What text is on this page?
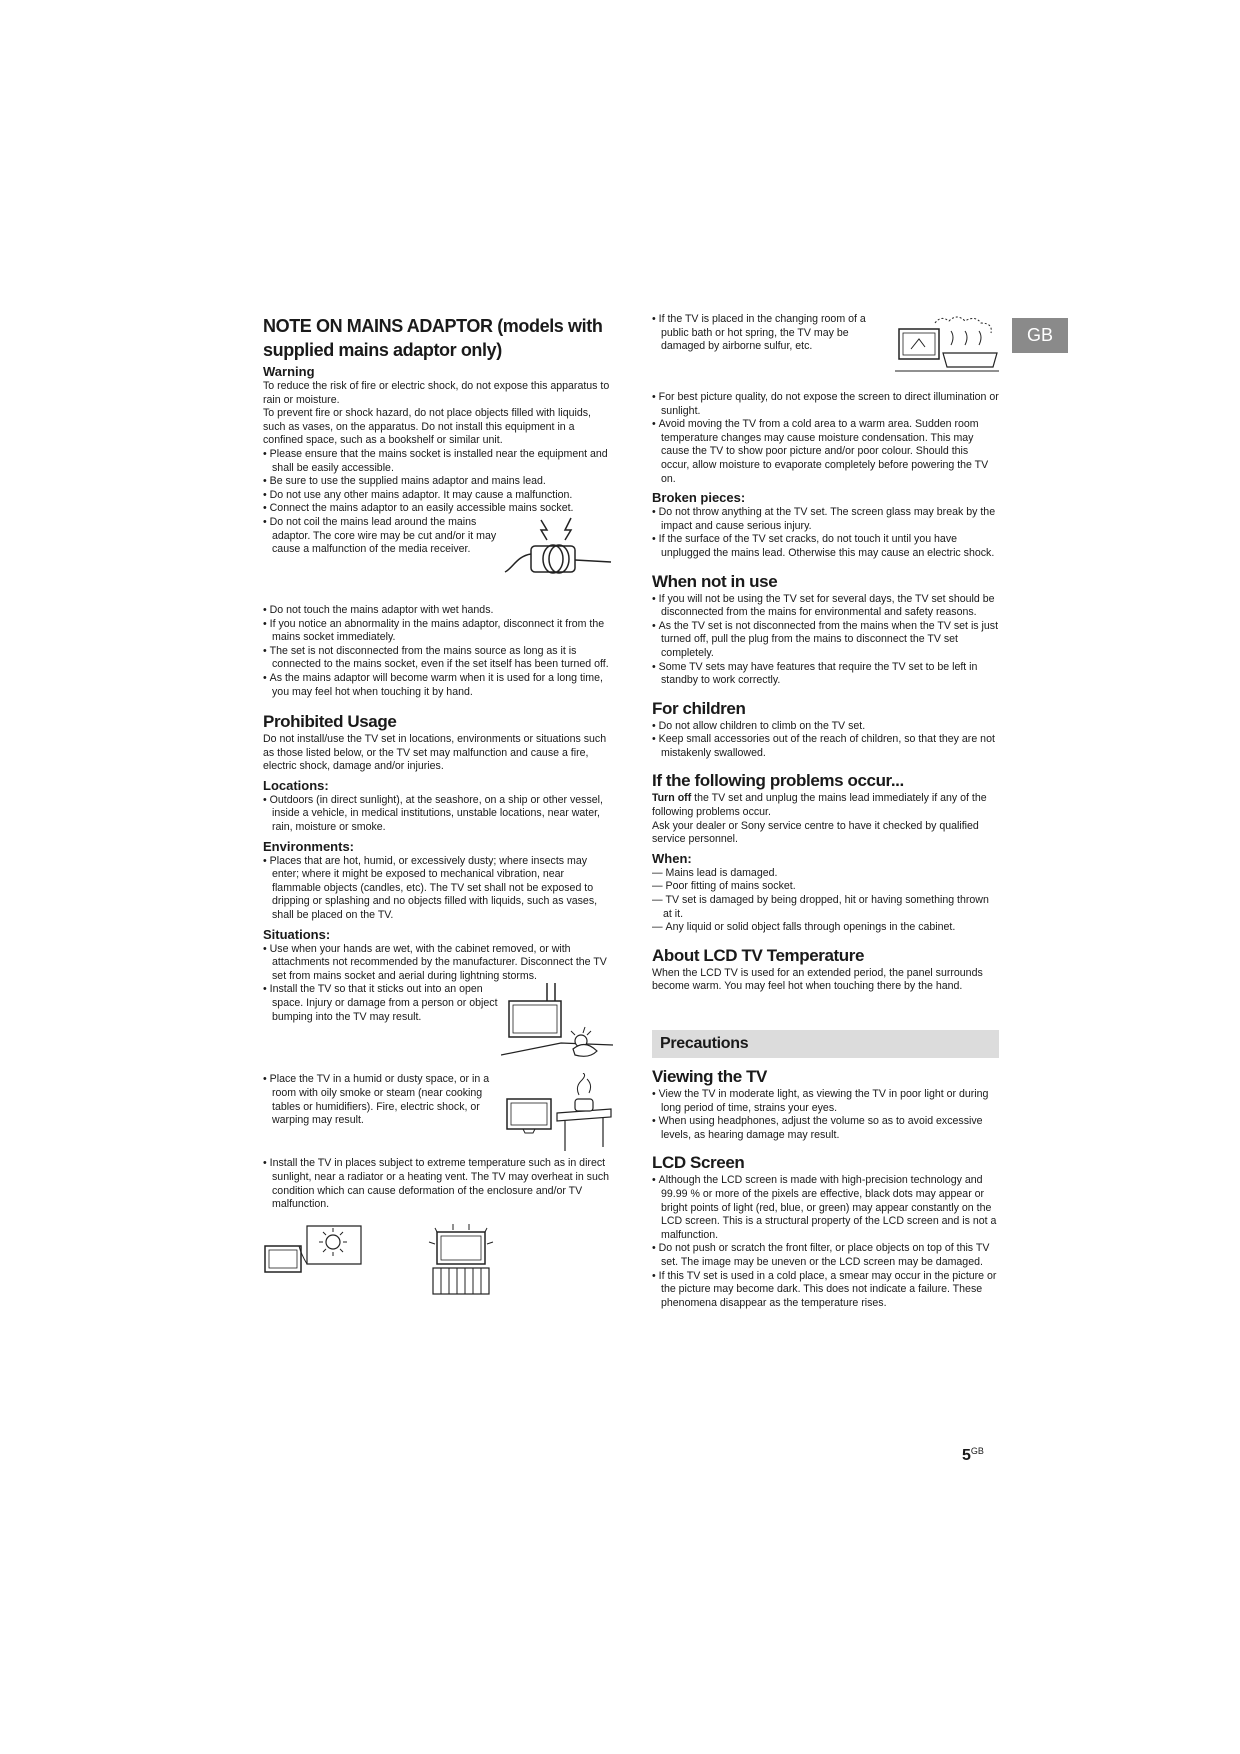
GB
NOTE ON MAINS ADAPTOR (models with supplied mains adaptor only)
Warning

To reduce the risk of fire or electric shock, do not expose this apparatus to rain or moisture.

To prevent fire or shock hazard, do not place objects filled with liquids, such as vases, on the apparatus. Do not install this equipment in a confined space, such as a bookshelf or similar unit.

• Please ensure that the mains socket is installed near the equipment and shall be easily accessible.

• Be sure to use the supplied mains adaptor and mains lead.

• Do not use any other mains adaptor. It may cause a malfunction.

• Connect the mains adaptor to an easily accessible mains socket.

• Do not coil the mains lead around the mains adaptor. The core wire may be cut and/or it may cause a malfunction of the media receiver.

• Do not touch the mains adaptor with wet hands.

• If you notice an abnormality in the mains adaptor, disconnect it from the mains socket immediately.

• The set is not disconnected from the mains source as long as it is connected to the mains socket, even if the set itself has been turned off.

• As the mains adaptor will become warm when it is used for a long time, you may feel hot when touching it by hand.

Prohibited Usage

Do not install/use the TV set in locations, environments or situations such as those listed below, or the TV set may malfunction and cause a fire, electric shock, damage and/or injuries.

Locations:

• Outdoors (in direct sunlight), at the seashore, on a ship or other vessel, inside a vehicle, in medical institutions, unstable locations, near water, rain, moisture or smoke.

Environments:

• Places that are hot, humid, or excessively dusty; where insects may enter; where it might be exposed to mechanical vibration, near flammable objects (candles, etc). The TV set shall not be exposed to dripping or splashing and no objects filled with liquids, such as vases, shall be placed on the TV.

Situations:

• Use when your hands are wet, with the cabinet removed, or with attachments not recommended by the manufacturer. Disconnect the TV set from mains socket and aerial during lightning storms.

• Install the TV so that it sticks out into an open space. Injury or damage from a person or object bumping into the TV may result.

• Place the TV in a humid or dusty space, or in a room with oily smoke or steam (near cooking tables or humidifiers). Fire, electric shock, or warping may result.

• Install the TV in places subject to extreme temperature such as in direct sunlight, near a radiator or a heating vent. The TV may overheat in such condition which can cause deformation of the enclosure and/or TV malfunction.

• If the TV is placed in the changing room of a public bath or hot spring, the TV may be damaged by airborne sulfur, etc.

• For best picture quality, do not expose the screen to direct illumination or sunlight.

• Avoid moving the TV from a cold area to a warm area. Sudden room temperature changes may cause moisture condensation. This may cause the TV to show poor picture and/or poor colour. Should this occur, allow moisture to evaporate completely before powering the TV on.

Broken pieces:

• Do not throw anything at the TV set. The screen glass may break by the impact and cause serious injury.

• If the surface of the TV set cracks, do not touch it until you have unplugged the mains lead. Otherwise this may cause an electric shock.

When not in use

• If you will not be using the TV set for several days, the TV set should be disconnected from the mains for environmental and safety reasons.

• As the TV set is not disconnected from the mains when the TV set is just turned off, pull the plug from the mains to disconnect the TV set completely.

• Some TV sets may have features that require the TV set to be left in standby to work correctly.

For children

• Do not allow children to climb on the TV set.

• Keep small accessories out of the reach of children, so that they are not mistakenly swallowed.

If the following problems occur...

Turn off the TV set and unplug the mains lead immediately if any of the following problems occur.

Ask your dealer or Sony service centre to have it checked by qualified service personnel.

When:

— Mains lead is damaged.

— Poor fitting of mains socket.

— TV set is damaged by being dropped, hit or having something thrown at it.

— Any liquid or solid object falls through openings in the cabinet.

About LCD TV Temperature

When the LCD TV is used for an extended period, the panel surrounds become warm. You may feel hot when touching there by the hand.

Precautions
Viewing the TV

• View the TV in moderate light, as viewing the TV in poor light or during long period of time, strains your eyes.

• When using headphones, adjust the volume so as to avoid excessive levels, as hearing damage may result.

LCD Screen

• Although the LCD screen is made with high-precision technology and 99.99 % or more of the pixels are effective, black dots may appear or bright points of light (red, blue, or green) may appear constantly on the LCD screen. This is a structural property of the LCD screen and is not a malfunction.

• Do not push or scratch the front filter, or place objects on top of this TV set. The image may be uneven or the LCD screen may be damaged.

• If this TV set is used in a cold place, a smear may occur in the picture or the picture may become dark. This does not indicate a failure. These phenomena disappear as the temperature rises.

$5^{GB}$
